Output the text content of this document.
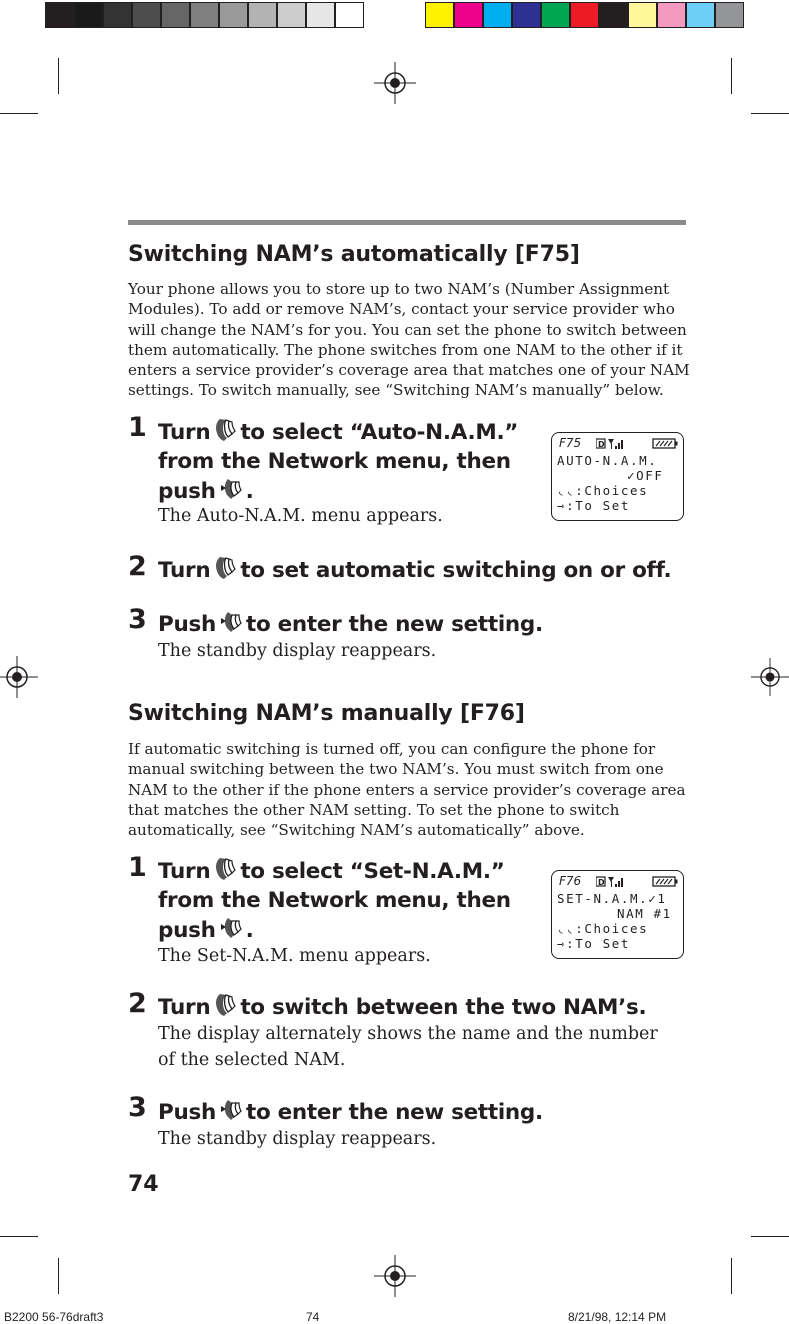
Switching NAM’s automatically [F75]
Your phone allows you to store up to two NAM’s (Number Assignment
Modules). To add or remove NAM’s, contact your service provider who
will change the NAM’s for you. You can set the phone to switch between
them automatically. The phone switches from one NAM to the other if it
enters a service provider’s coverage area that matches one of your NAM
settings. To switch manually, see “Switching NAM’s manually” below.
1 Turn to select “Auto-N.A.M.”
from the Network menu, then
push .
The Auto-N.A.M. menu appears.
F75 D
AUTO-N.A.M.
✓OFF
◟◟:Choices
⇾:To Set
2 Turn to set automatic switching on or off.
3 Push to enter the new setting.
The standby display reappears.
Switching NAM’s manually [F76]
If automatic switching is turned off, you can configure the phone for
manual switching between the two NAM’s. You must switch from one
NAM to the other if the phone enters a service provider’s coverage area
that matches the other NAM setting. To set the phone to switch
automatically, see “Switching NAM’s automatically” above.
1 Turn to select “Set-N.A.M.”
from the Network menu, then
push .
The Set-N.A.M. menu appears.
F76 D
SET-N.A.M.✓1
NAM #1
◟◟:Choices
⇾:To Set
2 Turn to switch between the two NAM’s.
The display alternately shows the name and the number
of the selected NAM.
3 Push to enter the new setting.
The standby display reappears.
74
B2200 56-76draft3	74	8/21/98, 12:14 PM
